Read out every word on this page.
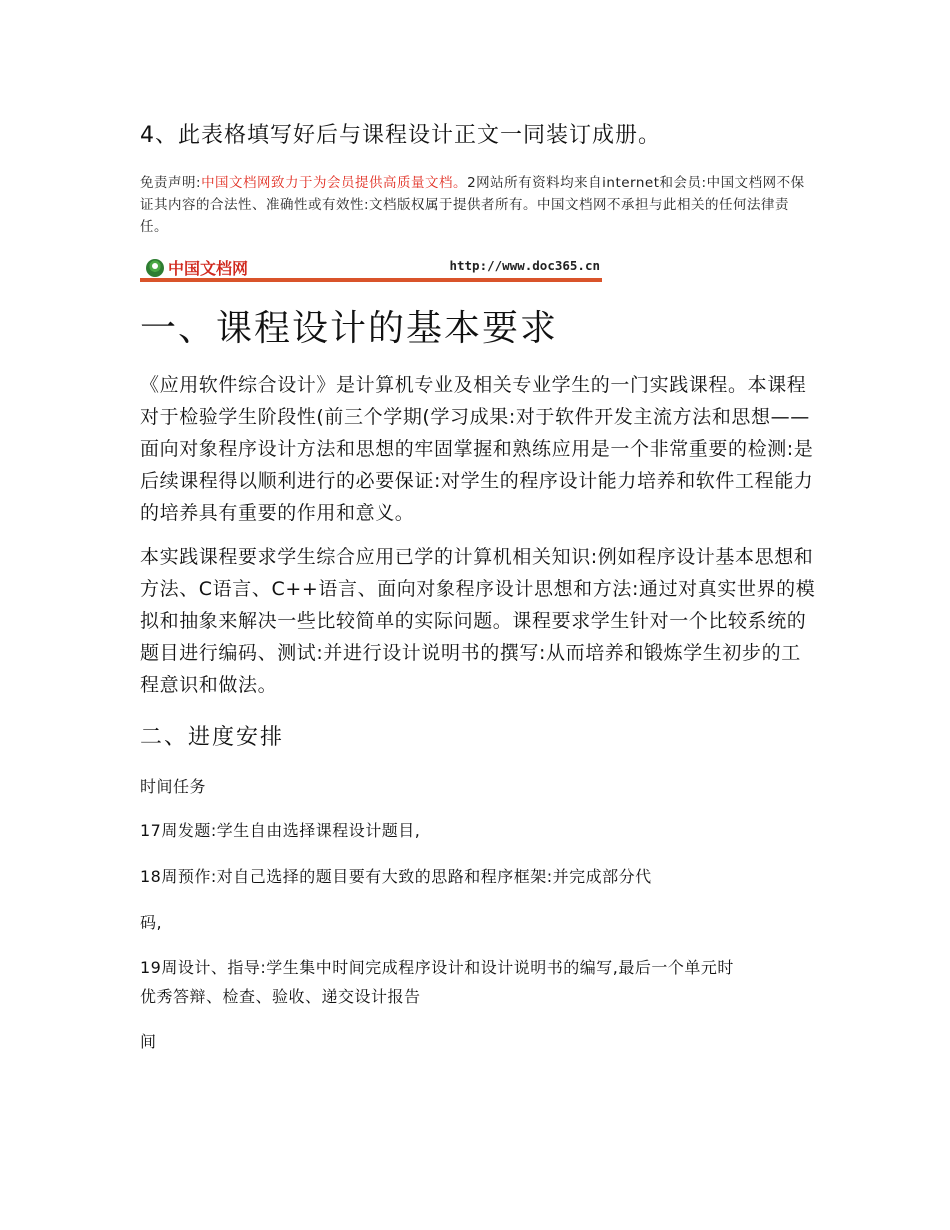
4、此表格填写好后与课程设计正文一同装订成册。

免责声明:中国文档网致力于为会员提供高质量文档。2网站所有资料均来自internet和会员:中国文档网不保证其内容的合法性、准确性或有效性:文档版权属于提供者所有。中国文档网不承担与此相关的任何法律责任。

中国文档网	http://www.doc365.cn
一、课程设计的基本要求

《应用软件综合设计》是计算机专业及相关专业学生的一门实践课程。本课程对于检验学生阶段性(前三个学期(学习成果:对于软件开发主流方法和思想——面向对象程序设计方法和思想的牢固掌握和熟练应用是一个非常重要的检测:是后续课程得以顺利进行的必要保证:对学生的程序设计能力培养和软件工程能力的培养具有重要的作用和意义。

本实践课程要求学生综合应用已学的计算机相关知识:例如程序设计基本思想和方法、C语言、C++语言、面向对象程序设计思想和方法:通过对真实世界的模拟和抽象来解决一些比较简单的实际问题。课程要求学生针对一个比较系统的题目进行编码、测试:并进行设计说明书的撰写:从而培养和锻炼学生初步的工程意识和做法。

二、进度安排

时间任务

17周发题:学生自由选择课程设计题目,

18周预作:对自己选择的题目要有大致的思路和程序框架:并完成部分代

码,

19周设计、指导:学生集中时间完成程序设计和设计说明书的编写,最后一个单元时

优秀答辩、检查、验收、递交设计报告

间
